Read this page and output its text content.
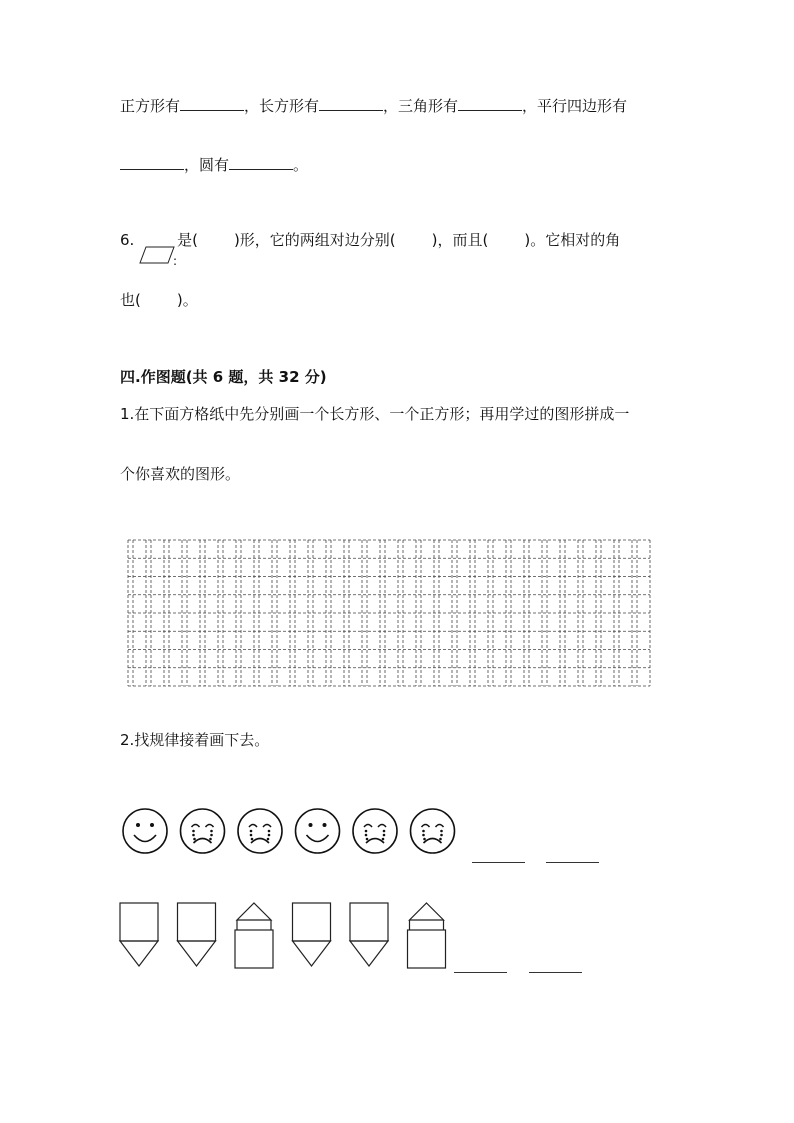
正方形有	，长方形有	，三角形有	，平行四边形有
，圆有	。
6.	是( )形，它的两组对边分别( )，而且( )。它相对的角
:
也( )。
四.作图题(共 6 题，共 32 分)
1.在下面方格纸中先分别画一个长方形、一个正方形；再用学过的图形拼成一
个你喜欢的图形。
2.找规律接着画下去。
